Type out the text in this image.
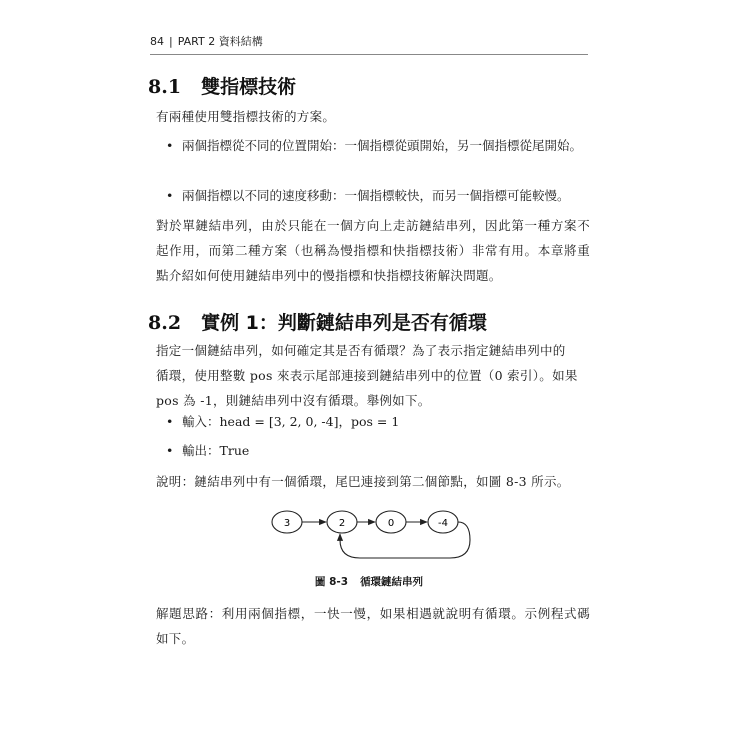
84 | PART 2 資料結構
8.1 雙指標技術

有兩種使用雙指標技術的方案。

• 兩個指標從不同的位置開始：一個指標從頭開始，另一個指標從尾開始。
• 兩個指標以不同的速度移動：一個指標較快，而另一個指標可能較慢。

對於單鏈結串列，由於只能在一個方向上走訪鏈結串列，因此第一種方案不起作用，而第二種方案（也稱為慢指標和快指標技術）非常有用。本章將重點介紹如何使用鏈結串列中的慢指標和快指標技術解決問題。

8.2 實例 1：判斷鏈結串列是否有循環

指定一個鏈結串列，如何確定其是否有循環？為了表示指定鏈結串列中的

循環，使用整數 pos 來表示尾部連接到鏈結串列中的位置（0 索引）。如果

pos 為 -1，則鏈結串列中沒有循環。舉例如下。

• 輸入：head = [3, 2, 0, -4]，pos = 1
• 輸出：True

說明：鏈結串列中有一個循環，尾巴連接到第二個節點，如圖 8-3 所示。

解題思路：利用兩個指標，一快一慢，如果相遇就說明有循環。示例程式碼如下。

3	2	0	-4
圖 8-3 循環鏈結串列
